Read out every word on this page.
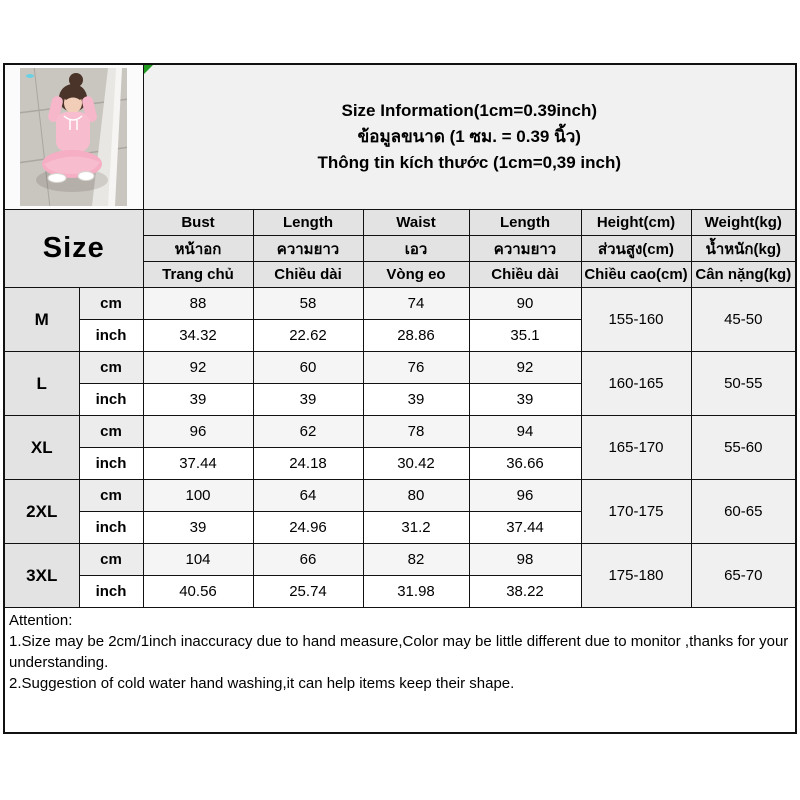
Size Information(1cm=0.39inch)
ข้อมูลขนาด (1 ซม. = 0.39 นิ้ว)
Thông tin kích thước (1cm=0,39 inch)					

Size		Bust	Length	Waist	Length	Height(cm)	Weight(kg)
		หน้าอก	ความยาว	เอว	ความยาว	ส่วนสูง(cm)	น้ำหนัก(kg)
		Trang chủ	Chiều dài	Vòng eo	Chiều dài	Chiều cao(cm)	Cân nặng(kg)
M	cm	88	58	74	90	155-160	45-50
	inch	34.32	22.62	28.86	35.1		
L	cm	92	60	76	92	160-165	50-55
	inch	39	39	39	39		
XL	cm	96	62	78	94	165-170	55-60
	inch	37.44	24.18	30.42	36.66		
2XL	cm	100	64	80	96	170-175	60-65
	inch	39	24.96	31.2	37.44		
3XL	cm	104	66	82	98	175-180	65-70
	inch	40.56	25.74	31.98	38.22		

Attention:
1.Size may be 2cm/1inch inaccuracy due to hand measure,Color may be little different due to monitor ,thanks for your understanding.
2.Suggestion of cold water hand washing,it can help items keep their shape.							
